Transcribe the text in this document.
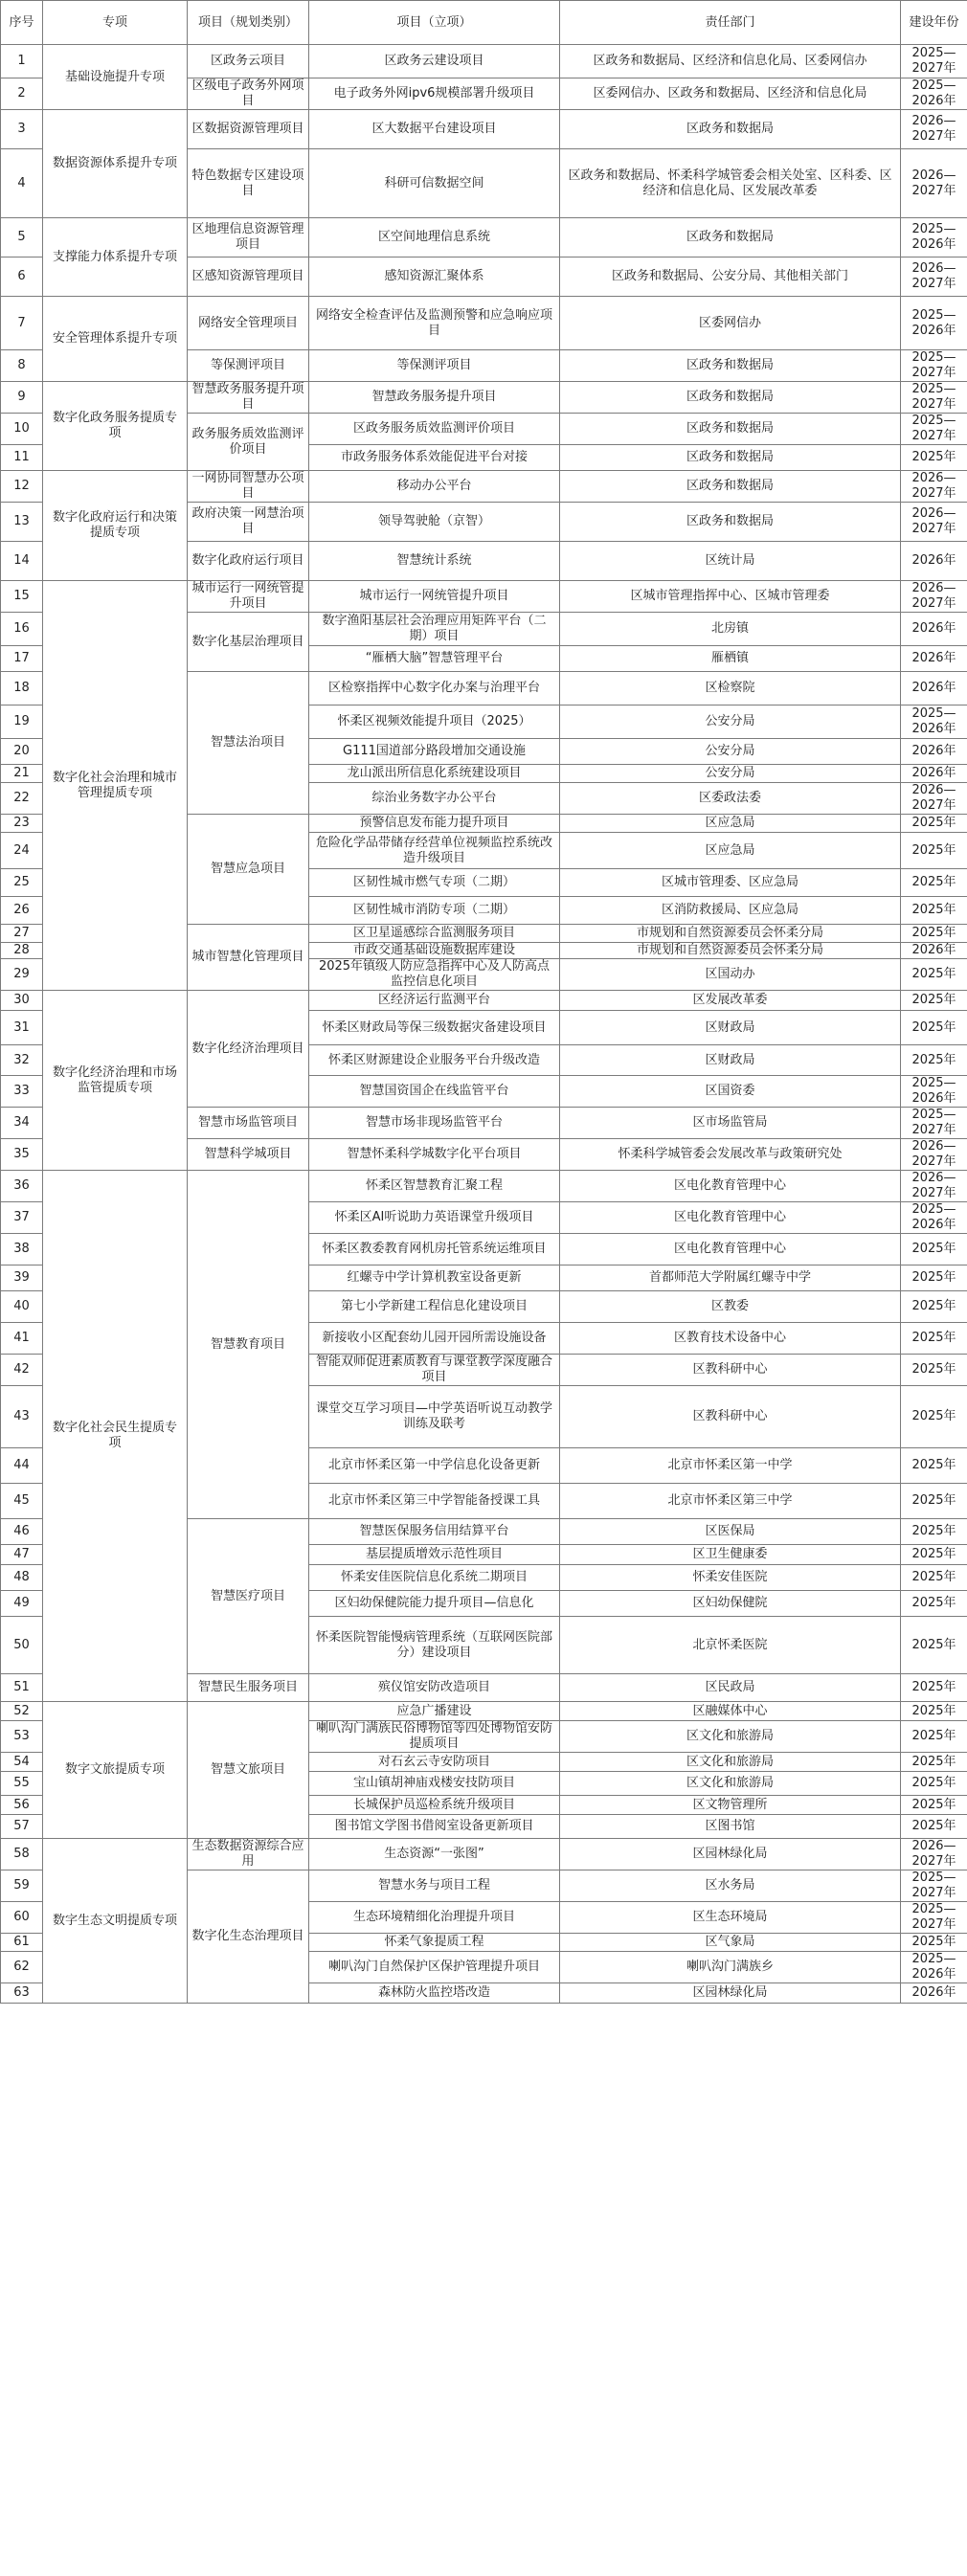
序号	专项	项目（规划类别）	项目（立项）	责任部门	建设年份
1	基础设施提升专项	区政务云项目	区政务云建设项目	区政务和数据局、区经济和信息化局、区委网信办	2025—2027年
2		区级电子政务外网项目	电子政务外网ipv6规模部署升级项目	区委网信办、区政务和数据局、区经济和信息化局	2025—2026年
3	数据资源体系提升专项	区数据资源管理项目	区大数据平台建设项目	区政务和数据局	2026—2027年
4		特色数据专区建设项目	科研可信数据空间	区政务和数据局、怀柔科学城管委会相关处室、区科委、区经济和信息化局、区发展改革委	2026—2027年
5	支撑能力体系提升专项	区地理信息资源管理项目	区空间地理信息系统	区政务和数据局	2025—2026年
6		区感知资源管理项目	感知资源汇聚体系	区政务和数据局、公安分局、其他相关部门	2026—2027年
7	安全管理体系提升专项	网络安全管理项目	网络安全检查评估及监测预警和应急响应项目	区委网信办	2025—2026年
8		等保测评项目	等保测评项目	区政务和数据局	2025—2027年
9	数字化政务服务提质专项	智慧政务服务提升项目	智慧政务服务提升项目	区政务和数据局	2025—2027年
10		政务服务质效监测评价项目	区政务服务质效监测评价项目	区政务和数据局	2025—2027年
11			市政务服务体系效能促进平台对接	区政务和数据局	2025年
12	数字化政府运行和决策提质专项	一网协同智慧办公项目	移动办公平台	区政务和数据局	2026—2027年
13		政府决策一网慧治项目	领导驾驶舱（京智）	区政务和数据局	2026—2027年
14		数字化政府运行项目	智慧统计系统	区统计局	2026年
15	数字化社会治理和城市管理提质专项	城市运行一网统管提升项目	城市运行一网统管提升项目	区城市管理指挥中心、区城市管理委	2026—2027年
16		数字化基层治理项目	数字渔阳基层社会治理应用矩阵平台（二期）项目	北房镇	2026年
17			“雁栖大脑”智慧管理平台	雁栖镇	2026年
18		智慧法治项目	区检察指挥中心数字化办案与治理平台	区检察院	2026年
19			怀柔区视频效能提升项目（2025）	公安分局	2025—2026年
20			G111国道部分路段增加交通设施	公安分局	2026年
21			龙山派出所信息化系统建设项目	公安分局	2026年
22			综治业务数字办公平台	区委政法委	2026—2027年
23		智慧应急项目	预警信息发布能力提升项目	区应急局	2025年
24			危险化学品带储存经营单位视频监控系统改造升级项目	区应急局	2025年
25			区韧性城市燃气专项（二期）	区城市管理委、区应急局	2025年
26			区韧性城市消防专项（二期）	区消防救援局、区应急局	2025年
27		城市智慧化管理项目	区卫星遥感综合监测服务项目	市规划和自然资源委员会怀柔分局	2025年
28			市政交通基础设施数据库建设	市规划和自然资源委员会怀柔分局	2026年
29			2025年镇级人防应急指挥中心及人防高点监控信息化项目	区国动办	2025年
30	数字化经济治理和市场监管提质专项	数字化经济治理项目	区经济运行监测平台	区发展改革委	2025年
31			怀柔区财政局等保三级数据灾备建设项目	区财政局	2025年
32			怀柔区财源建设企业服务平台升级改造	区财政局	2025年
33			智慧国资国企在线监管平台	区国资委	2025—2026年
34		智慧市场监管项目	智慧市场非现场监管平台	区市场监管局	2025—2027年
35		智慧科学城项目	智慧怀柔科学城数字化平台项目	怀柔科学城管委会发展改革与政策研究处	2026—2027年
36	数字化社会民生提质专项	智慧教育项目	怀柔区智慧教育汇聚工程	区电化教育管理中心	2026—2027年
37			怀柔区AI听说助力英语课堂升级项目	区电化教育管理中心	2025—2026年
38			怀柔区教委教育网机房托管系统运维项目	区电化教育管理中心	2025年
39			红螺寺中学计算机教室设备更新	首都师范大学附属红螺寺中学	2025年
40			第七小学新建工程信息化建设项目	区教委	2025年
41			新接收小区配套幼儿园开园所需设施设备	区教育技术设备中心	2025年
42			智能双师促进素质教育与课堂教学深度融合项目	区教科研中心	2025年
43			课堂交互学习项目—中学英语听说互动教学训练及联考	区教科研中心	2025年
44			北京市怀柔区第一中学信息化设备更新	北京市怀柔区第一中学	2025年
45			北京市怀柔区第三中学智能备授课工具	北京市怀柔区第三中学	2025年
46		智慧医疗项目	智慧医保服务信用结算平台	区医保局	2025年
47			基层提质增效示范性项目	区卫生健康委	2025年
48			怀柔安佳医院信息化系统二期项目	怀柔安佳医院	2025年
49			区妇幼保健院能力提升项目—信息化	区妇幼保健院	2025年
50			怀柔医院智能慢病管理系统（互联网医院部分）建设项目	北京怀柔医院	2025年
51		智慧民生服务项目	殡仪馆安防改造项目	区民政局	2025年
52	数字文旅提质专项	智慧文旅项目	应急广播建设	区融媒体中心	2025年
53			喇叭沟门满族民俗博物馆等四处博物馆安防提质项目	区文化和旅游局	2025年
54			对石玄云寺安防项目	区文化和旅游局	2025年
55			宝山镇胡神庙戏楼安技防项目	区文化和旅游局	2025年
56			长城保护员巡检系统升级项目	区文物管理所	2025年
57			图书馆文学图书借阅室设备更新项目	区图书馆	2025年
58	数字生态文明提质专项	生态数据资源综合应用	生态资源“一张图”	区园林绿化局	2026—2027年
59		数字化生态治理项目	智慧水务与项目工程	区水务局	2025—2027年
60			生态环境精细化治理提升项目	区生态环境局	2025—2027年
61			怀柔气象提质工程	区气象局	2025年
62			喇叭沟门自然保护区保护管理提升项目	喇叭沟门满族乡	2025—2026年
63			森林防火监控塔改造	区园林绿化局	2026年
